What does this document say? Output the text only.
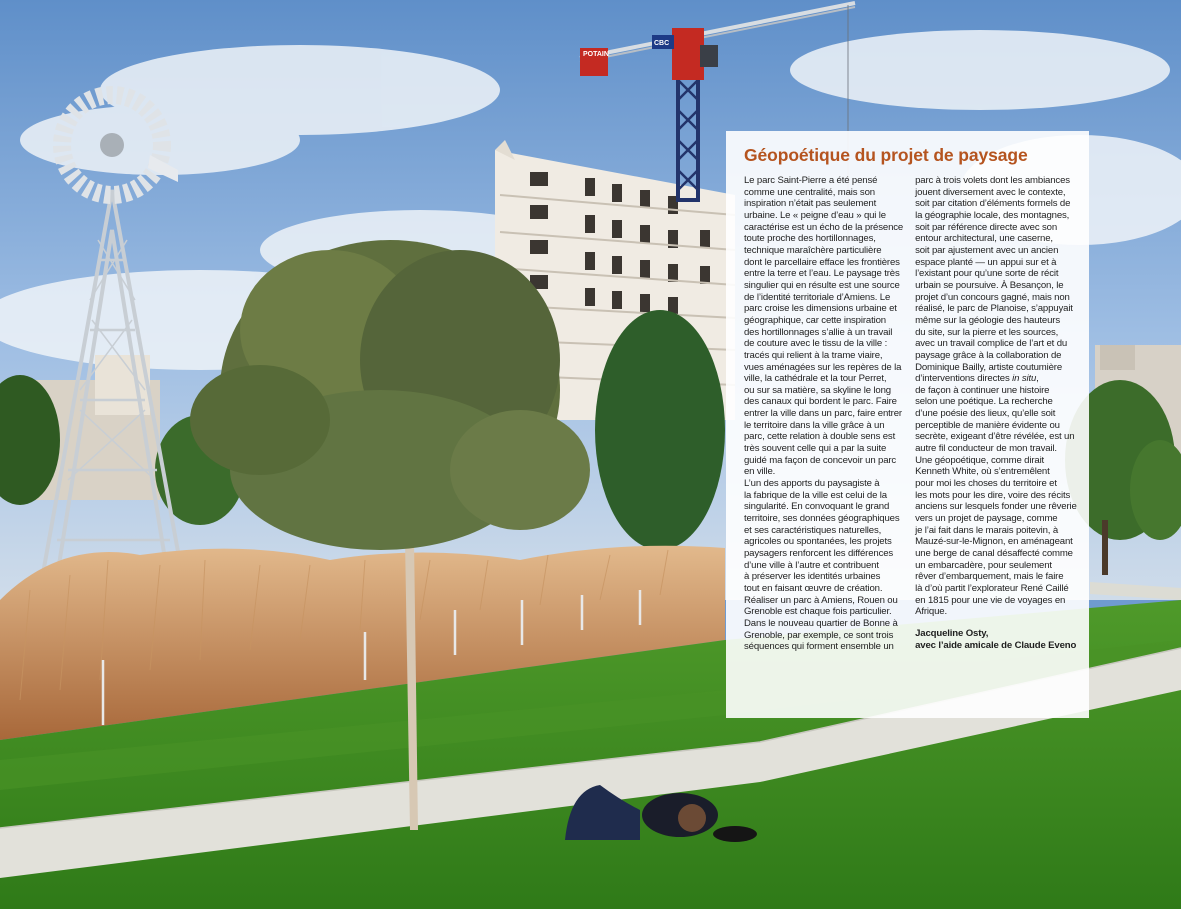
POTAIN
CBC
Géopoétique du projet de paysage

Le parc Saint-Pierre a été pensé

comme une centralité, mais son

inspiration n’était pas seulement

urbaine. Le « peigne d’eau » qui le

caractérise est un écho de la présence

toute proche des hortillonnages,

technique maraîchère particulière

dont le parcellaire efface les frontières

entre la terre et l’eau. Le paysage très

singulier qui en résulte est une source

de l’identité territoriale d’Amiens. Le

parc croise les dimensions urbaine et

géographique, car cette inspiration

des hortillonnages s’allie à un travail

de couture avec le tissu de la ville :

tracés qui relient à la trame viaire,

vues aménagées sur les repères de la

ville, la cathédrale et la tour Perret,

ou sur sa matière, sa skyline le long

des canaux qui bordent le parc. Faire

entrer la ville dans un parc, faire entrer

le territoire dans la ville grâce à un

parc, cette relation à double sens est

très souvent celle qui a par la suite

guidé ma façon de concevoir un parc

en ville.

L’un des apports du paysagiste à

la fabrique de la ville est celui de la

singularité. En convoquant le grand

territoire, ses données géographiques

et ses caractéristiques naturelles,

agricoles ou spontanées, les projets

paysagers renforcent les différences

d’une ville à l’autre et contribuent

à préserver les identités urbaines

tout en faisant œuvre de création.

Réaliser un parc à Amiens, Rouen ou

Grenoble est chaque fois particulier.

Dans le nouveau quartier de Bonne à

Grenoble, par exemple, ce sont trois

séquences qui forment ensemble un

parc à trois volets dont les ambiances

jouent diversement avec le contexte,

soit par citation d’éléments formels de

la géographie locale, des montagnes,

soit par référence directe avec son

entour architectural, une caserne,

soit par ajustement avec un ancien

espace planté — un appui sur et à

l’existant pour qu’une sorte de récit

urbain se poursuive. À Besançon, le

projet d’un concours gagné, mais non

réalisé, le parc de Planoise, s’appuyait

même sur la géologie des hauteurs

du site, sur la pierre et les sources,

avec un travail complice de l’art et du

paysage grâce à la collaboration de

Dominique Bailly, artiste coutumière

d’interventions directes in situ,

de façon à continuer une histoire

selon une poétique. La recherche

d’une poésie des lieux, qu’elle soit

perceptible de manière évidente ou

secrète, exigeant d’être révélée, est un

autre fil conducteur de mon travail.

Une géopoétique, comme dirait

Kenneth White, où s’entremêlent

pour moi les choses du territoire et

les mots pour les dire, voire des récits

anciens sur lesquels fonder une rêverie

vers un projet de paysage, comme

je l’ai fait dans le marais poitevin, à

Mauzé-sur-le-Mignon, en aménageant

une berge de canal désaffecté comme

un embarcadère, pour seulement

rêver d’embarquement, mais le faire

là d’où partit l’explorateur René Caillé

en 1815 pour une vie de voyages en

Afrique.

Jacqueline Osty,

avec l’aide amicale de Claude Eveno
